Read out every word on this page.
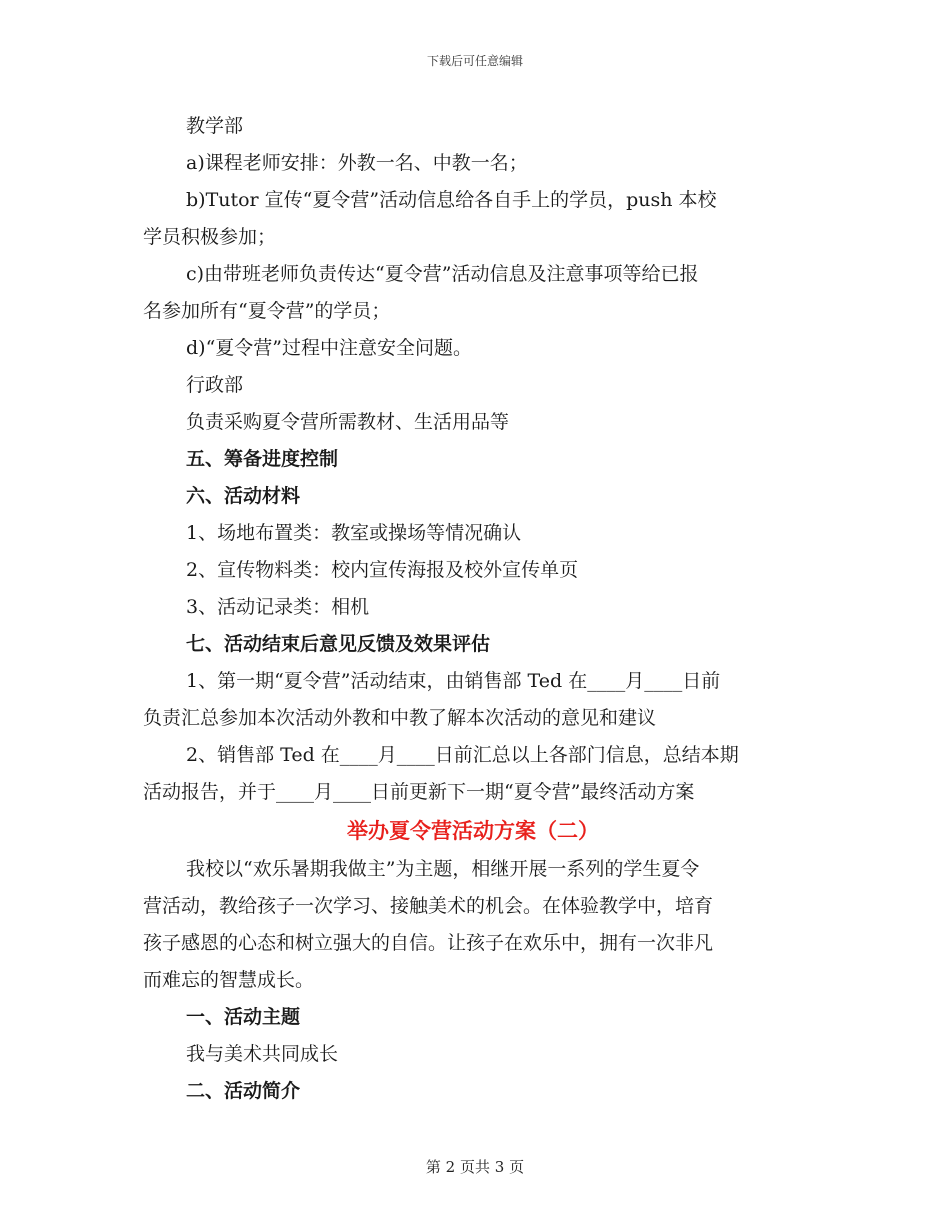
下载后可任意编辑
教学部
a)课程老师安排：外教一名、中教一名；
b)Tutor 宣传“夏令营”活动信息给各自手上的学员，push 本校
学员积极参加；
c)由带班老师负责传达“夏令营”活动信息及注意事项等给已报
名参加所有“夏令营”的学员；
d)“夏令营”过程中注意安全问题。
行政部
负责采购夏令营所需教材、生活用品等
五、筹备进度控制
六、活动材料
1、场地布置类：教室或操场等情况确认
2、宣传物料类：校内宣传海报及校外宣传单页
3、活动记录类：相机
七、活动结束后意见反馈及效果评估
1、第一期“夏令营”活动结束，由销售部 Ted 在____月____日前
负责汇总参加本次活动外教和中教了解本次活动的意见和建议
2、销售部 Ted 在____月____日前汇总以上各部门信息，总结本期
活动报告，并于____月____日前更新下一期“夏令营”最终活动方案
举办夏令营活动方案（二）
我校以“欢乐暑期我做主”为主题，相继开展一系列的学生夏令
营活动，教给孩子一次学习、接触美术的机会。在体验教学中，培育
孩子感恩的心态和树立强大的自信。让孩子在欢乐中，拥有一次非凡
而难忘的智慧成长。
一、活动主题
我与美术共同成长
二、活动简介
第 2 页共 3 页
